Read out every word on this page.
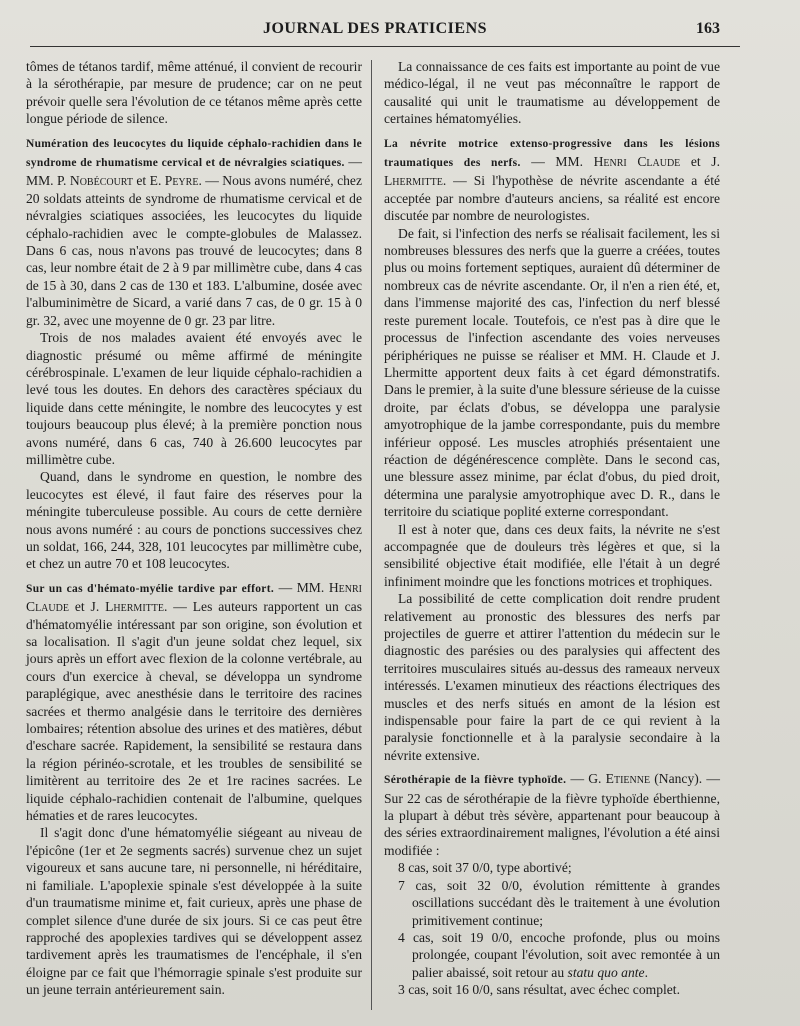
JOURNAL DES PRATICIENS	163

tômes de tétanos tardif, même atténué, il convient de recourir à la sérothérapie, par mesure de prudence; car on ne peut prévoir quelle sera l'évolution de ce tétanos même après cette longue période de silence.

Numération des leucocytes du liquide céphalo-rachidien dans le syndrome de rhumatisme cervical et de névralgies sciatiques. — MM. P. Nobécourt et E. Peyre. — Nous avons numéré, chez 20 soldats atteints de syndrome de rhumatisme cervical et de névralgies sciatiques associées, les leucocytes du liquide céphalo-rachidien avec le compte-globules de Malassez. Dans 6 cas, nous n'avons pas trouvé de leucocytes; dans 8 cas, leur nombre était de 2 à 9 par millimètre cube, dans 4 cas de 15 à 30, dans 2 cas de 130 et 183. L'albumine, dosée avec l'albuminimètre de Sicard, a varié dans 7 cas, de 0 gr. 15 à 0 gr. 32, avec une moyenne de 0 gr. 23 par litre.

Trois de nos malades avaient été envoyés avec le diagnostic présumé ou même affirmé de méningite cérébrospinale. L'examen de leur liquide céphalo-rachidien a levé tous les doutes. En dehors des caractères spéciaux du liquide dans cette méningite, le nombre des leucocytes y est toujours beaucoup plus élevé; à la première ponction nous avons numéré, dans 6 cas, 740 à 26.600 leucocytes par millimètre cube.

Quand, dans le syndrome en question, le nombre des leucocytes est élevé, il faut faire des réserves pour la méningite tuberculeuse possible. Au cours de cette dernière nous avons numéré : au cours de ponctions successives chez un soldat, 166, 244, 328, 101 leucocytes par millimètre cube, et chez un autre 70 et 108 leucocytes.

Sur un cas d'hémato-myélie tardive par effort. — MM. Henri Claude et J. Lhermitte. — Les auteurs rapportent un cas d'hématomyélie intéressant par son origine, son évolution et sa localisation. Il s'agit d'un jeune soldat chez lequel, six jours après un effort avec flexion de la colonne vertébrale, au cours d'un exercice à cheval, se développa un syndrome paraplégique, avec anesthésie dans le territoire des racines sacrées et thermo analgésie dans le territoire des dernières lombaires; rétention absolue des urines et des matières, début d'eschare sacrée. Rapidement, la sensibilité se restaura dans la région périnéo-scrotale, et les troubles de sensibilité se limitèrent au territoire des 2e et 1re racines sacrées. Le liquide céphalo-rachidien contenait de l'albumine, quelques hématies et de rares leucocytes.

Il s'agit donc d'une hématomyélie siégeant au niveau de l'épicône (1er et 2e segments sacrés) survenue chez un sujet vigoureux et sans aucune tare, ni personnelle, ni héréditaire, ni familiale. L'apoplexie spinale s'est développée à la suite d'un traumatisme minime et, fait curieux, après une phase de complet silence d'une durée de six jours. Si ce cas peut être rapproché des apoplexies tardives qui se développent assez tardivement après les traumatismes de l'encéphale, il s'en éloigne par ce fait que l'hémorragie spinale s'est produite sur un jeune terrain antérieurement sain.

La connaissance de ces faits est importante au point de vue médico-légal, il ne veut pas méconnaître le rapport de causalité qui unit le traumatisme au développement de certaines hématomyélies.

La névrite motrice extenso-progressive dans les lésions traumatiques des nerfs. — MM. Henri Claude et J. Lhermitte. — Si l'hypothèse de névrite ascendante a été acceptée par nombre d'auteurs anciens, sa réalité est encore discutée par nombre de neurologistes.

De fait, si l'infection des nerfs se réalisait facilement, les si nombreuses blessures des nerfs que la guerre a créées, toutes plus ou moins fortement septiques, auraient dû déterminer de nombreux cas de névrite ascendante. Or, il n'en a rien été, et, dans l'immense majorité des cas, l'infection du nerf blessé reste purement locale. Toutefois, ce n'est pas à dire que le processus de l'infection ascendante des voies nerveuses périphériques ne puisse se réaliser et MM. H. Claude et J. Lhermitte apportent deux faits à cet égard démonstratifs. Dans le premier, à la suite d'une blessure sérieuse de la cuisse droite, par éclats d'obus, se développa une paralysie amyotrophique de la jambe correspondante, puis du membre inférieur opposé. Les muscles atrophiés présentaient une réaction de dégénérescence complète. Dans le second cas, une blessure assez minime, par éclat d'obus, du pied droit, détermina une paralysie amyotrophique avec D. R., dans le territoire du sciatique poplité externe correspondant.

Il est à noter que, dans ces deux faits, la névrite ne s'est accompagnée que de douleurs très légères et que, si la sensibilité objective était modifiée, elle l'était à un degré infiniment moindre que les fonctions motrices et trophiques.

La possibilité de cette complication doit rendre prudent relativement au pronostic des blessures des nerfs par projectiles de guerre et attirer l'attention du médecin sur le diagnostic des parésies ou des paralysies qui affectent des territoires musculaires situés au-dessus des rameaux nerveux intéressés. L'examen minutieux des réactions électriques des muscles et des nerfs situés en amont de la lésion est indispensable pour faire la part de ce qui revient à la paralysie fonctionnelle et à la paralysie secondaire à la névrite extensive.

Sérothérapie de la fièvre typhoïde. — G. Etienne (Nancy). — Sur 22 cas de sérothérapie de la fièvre typhoïde éberthienne, la plupart à début très sévère, appartenant pour beaucoup à des séries extraordinairement malignes, l'évolution a été ainsi modifiée :

8 cas, soit 37 0/0, type abortivé;

7 cas, soit 32 0/0, évolution rémittente à grandes oscillations succédant dès le traitement à une évolution primitivement continue;

4 cas, soit 19 0/0, encoche profonde, plus ou moins prolongée, coupant l'évolution, soit avec remontée à un palier abaissé, soit retour au statu quo ante.

3 cas, soit 16 0/0, sans résultat, avec échec complet.
